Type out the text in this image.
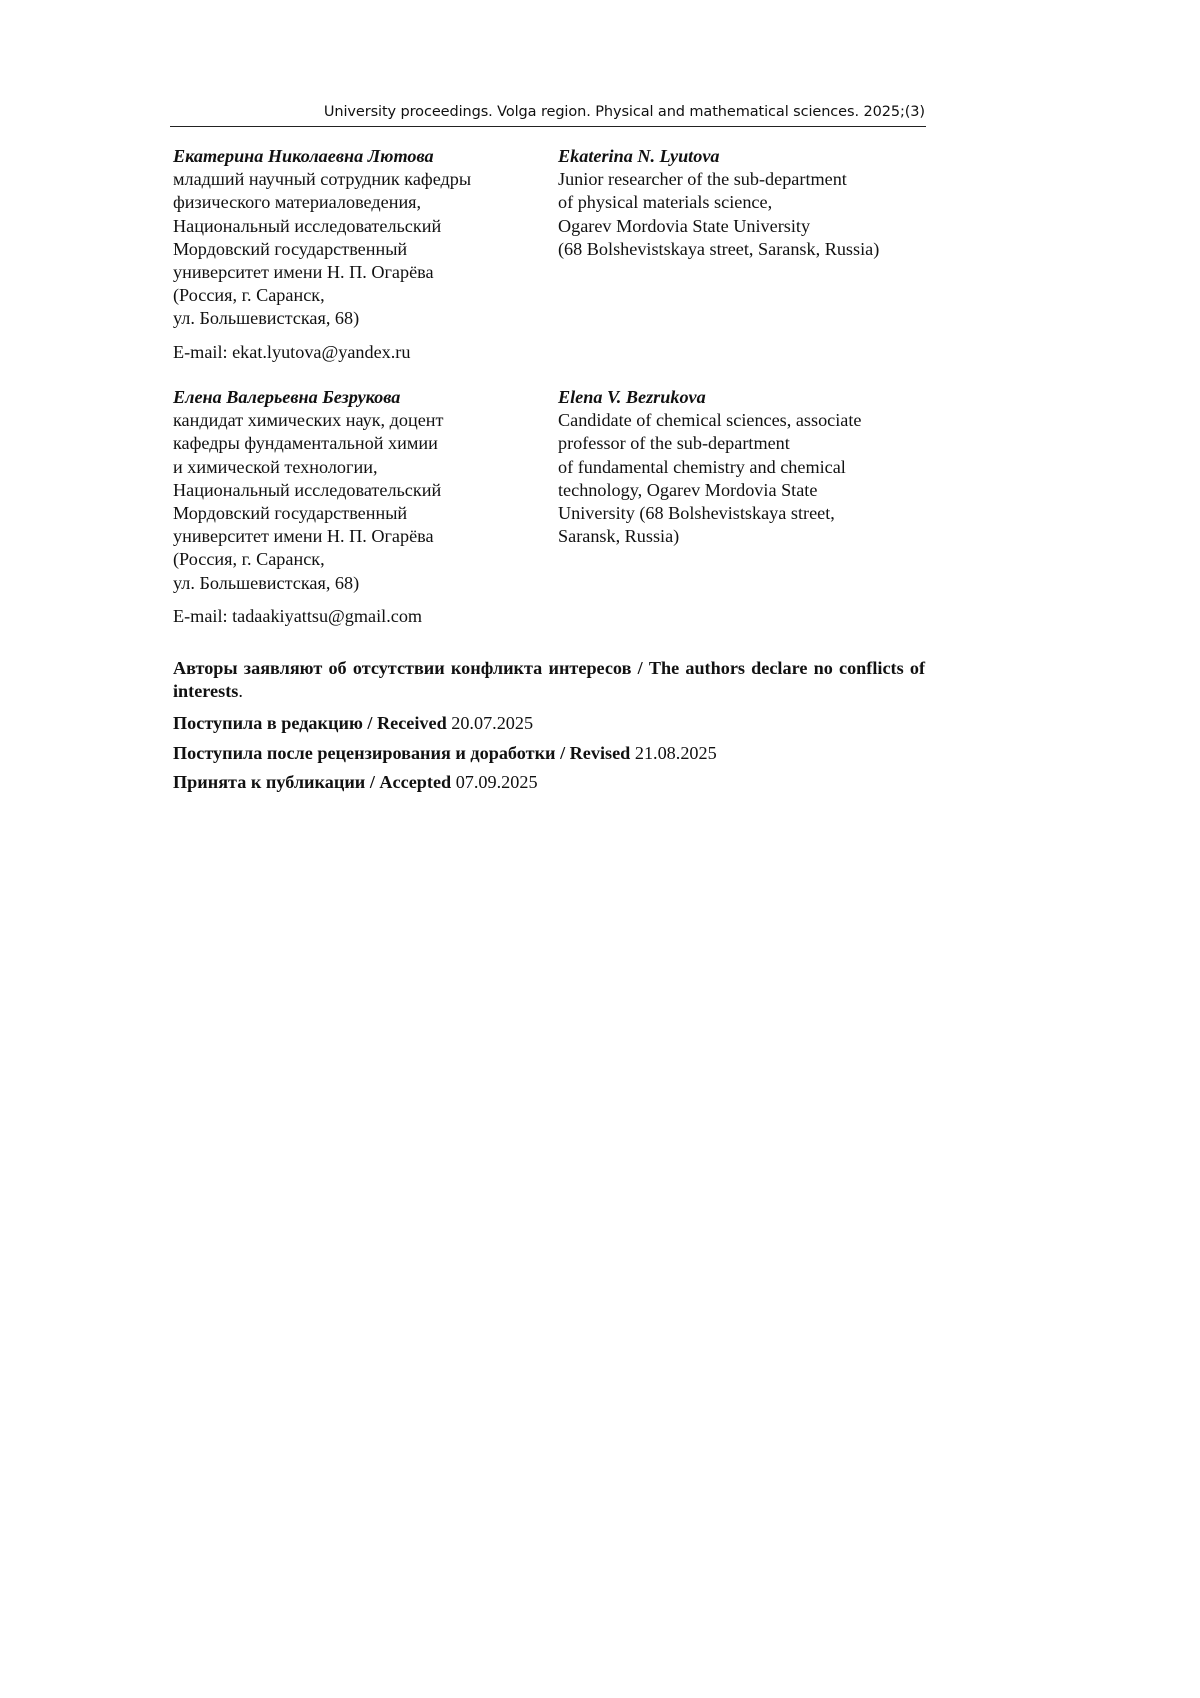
University proceedings. Volga region. Physical and mathematical sciences. 2025;(3)
Екатерина Николаевна Лютова
младший научный сотрудник кафедры
физического материаловедения,
Национальный исследовательский
Мордовский государственный
университет имени Н. П. Огарёва
(Россия, г. Саранск,
ул. Большевистская, 68)
E-mail: ekat.lyutova@yandex.ru
Ekaterina N. Lyutova
Junior researcher of the sub-department
of physical materials science,
Ogarev Mordovia State University
(68 Bolshevistskaya street, Saransk, Russia)
Елена Валерьевна Безрукова
кандидат химических наук, доцент
кафедры фундаментальной химии
и химической технологии,
Национальный исследовательский
Мордовский государственный
университет имени Н. П. Огарёва
(Россия, г. Саранск,
ул. Большевистская, 68)
E-mail: tadaakiyattsu@gmail.com
Elena V. Bezrukova
Candidate of chemical sciences, associate
professor of the sub-department
of fundamental chemistry and chemical
technology, Ogarev Mordovia State
University (68 Bolshevistskaya street,
Saransk, Russia)
Авторы заявляют об отсутствии конфликта интересов / The authors declare no conflicts of interests.
Поступила в редакцию / Received 20.07.2025
Поступила после рецензирования и доработки / Revised 21.08.2025
Принята к публикации / Accepted 07.09.2025
